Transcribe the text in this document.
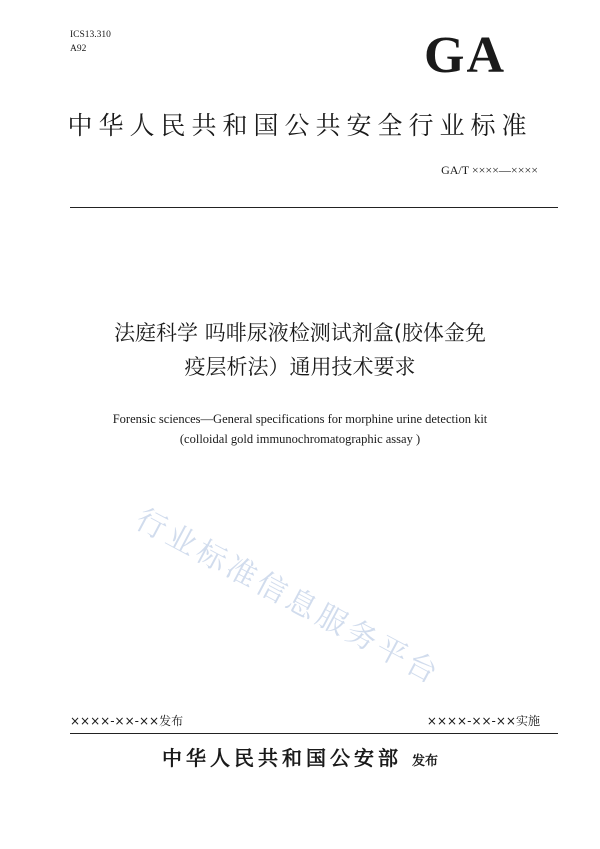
ICS13.310
A92	GA
中华人民共和国公共安全行业标准
GA/T ××××—××××
法庭科学 吗啡尿液检测试剂盒(胶体金免
疫层析法）通用技术要求
Forensic sciences—General specifications for morphine urine detection kit
(colloidal gold immunochromatographic assay )
行业标准信息服务平台
××××-××-××发布	××××-××-××实施
中华人民共和国公安部 发布
